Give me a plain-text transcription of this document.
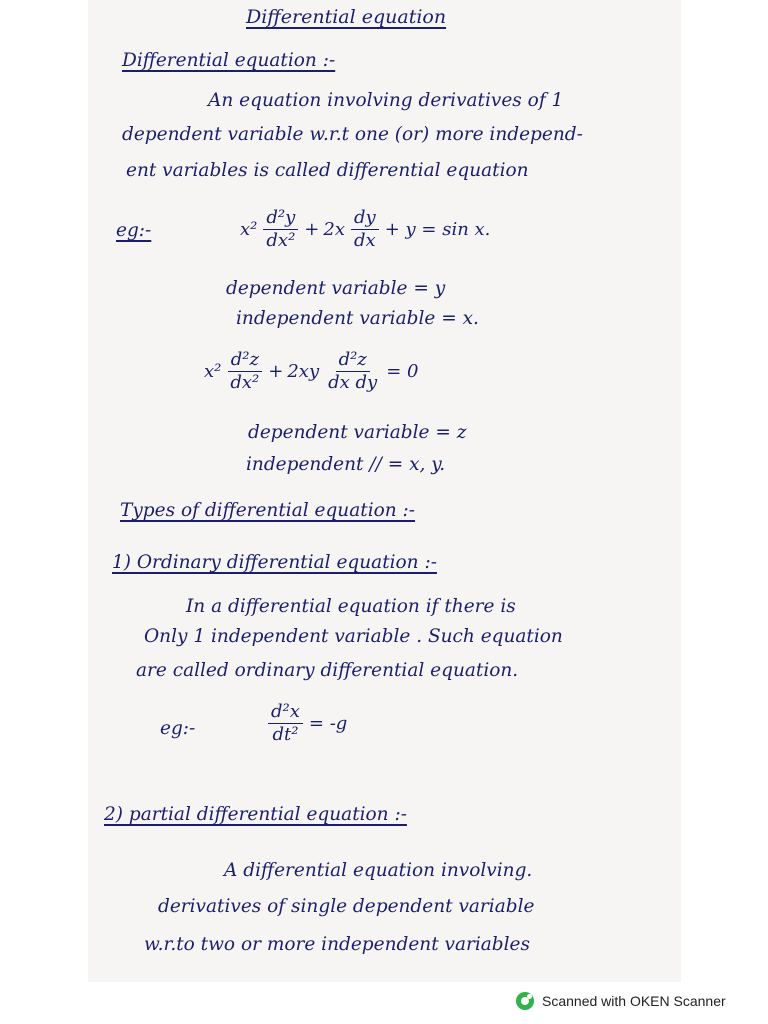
Differential equation
Differential equation :-
An equation involving derivatives of 1
dependent variable w.r.t one (or) more independ-
ent variables is called differential equation
eg:-	$x^2 \frac{\text{d²y}}{\text{dx²}} + 2x \frac{dy}{dx} + y = \sin x$.
dependent variable = y
independent variable = x.
$x^2 \frac{\text{d²z}}{\text{dx²}} + 2xy \frac{\text{d²z}}{\text{dx dy}} = 0$
dependent variable = z
independent // = x, y.
Types of differential equation :-
1) Ordinary differential equation :-
In a differential equation if there is
Only 1 independent variable . Such equation
are called ordinary differential equation.
eg:-	$\frac{\text{d²x}}{\text{dt²}} = -g$
2) partial differential equation :-
A differential equation involving.
derivatives of single dependent variable
w.r.to two or more independent variables
Scanned with OKEN Scanner
